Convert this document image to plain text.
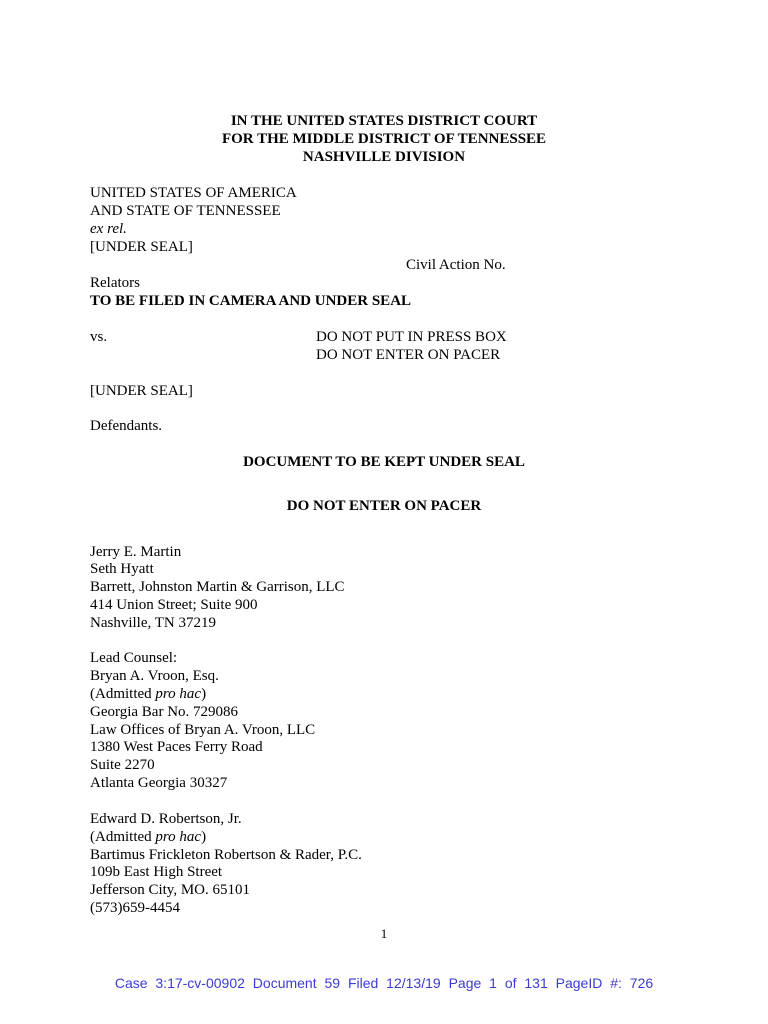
IN THE UNITED STATES DISTRICT COURT
FOR THE MIDDLE DISTRICT OF TENNESSEE
NASHVILLE DIVISION
UNITED STATES OF AMERICA
AND STATE OF TENNESSEE
ex rel.
[UNDER SEAL]
Civil Action No.
Relators
TO BE FILED IN CAMERA AND UNDER SEAL
vs.	DO NOT PUT IN PRESS BOX
DO NOT ENTER ON PACER
[UNDER SEAL]
Defendants.
DOCUMENT TO BE KEPT UNDER SEAL
DO NOT ENTER ON PACER
Jerry E. Martin
Seth Hyatt
Barrett, Johnston Martin & Garrison, LLC
414 Union Street; Suite 900
Nashville, TN 37219
Lead Counsel:
Bryan A. Vroon, Esq.
(Admitted pro hac)
Georgia Bar No. 729086
Law Offices of Bryan A. Vroon, LLC
1380 West Paces Ferry Road
Suite 2270
Atlanta Georgia 30327
Edward D. Robertson, Jr.
(Admitted pro hac)
Bartimus Frickleton Robertson & Rader, P.C.
109b East High Street
Jefferson City, MO. 65101
(573)659-4454
1
Case 3:17-cv-00902 Document 59 Filed 12/13/19 Page 1 of 131 PageID #: 726
